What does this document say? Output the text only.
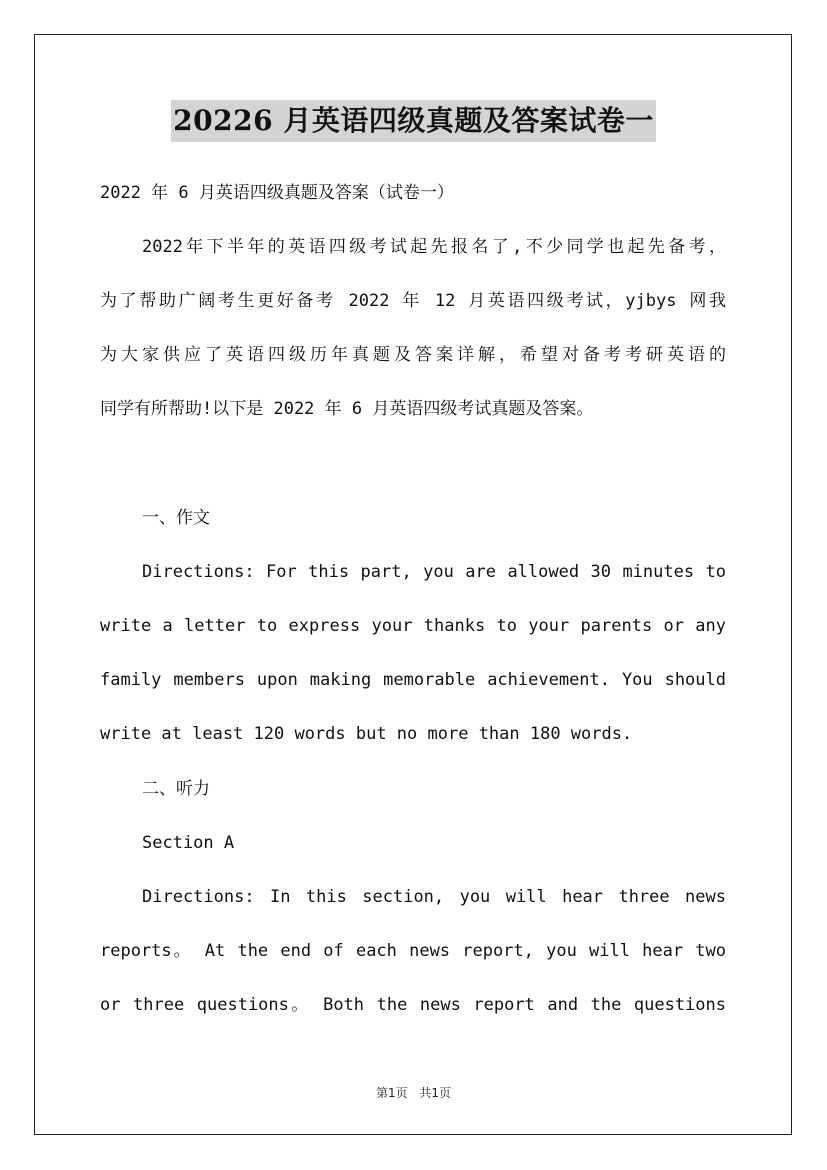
20226 月英语四级真题及答案试卷一
2022 年 6 月英语四级真题及答案（试卷一）
2022年下半年的英语四级考试起先报名了,不少同学也起先备考，
为了帮助广阔考生更好备考 2022 年 12 月英语四级考试，yjbys 网我
为大家供应了英语四级历年真题及答案详解，希望对备考考研英语的
同学有所帮助!以下是 2022 年 6 月英语四级考试真题及答案。
一、作文
Directions: For this part, you are allowed 30 minutes to
write a letter to express your thanks to your parents or any
family members upon making memorable achievement. You should
write at least 120 words but no more than 180 words.
二、听力
Section A
Directions: In this section, you will hear three news
reports。 At the end of each news report, you will hear two
or three questions。 Both the news report and the questions
第1页 共1页
